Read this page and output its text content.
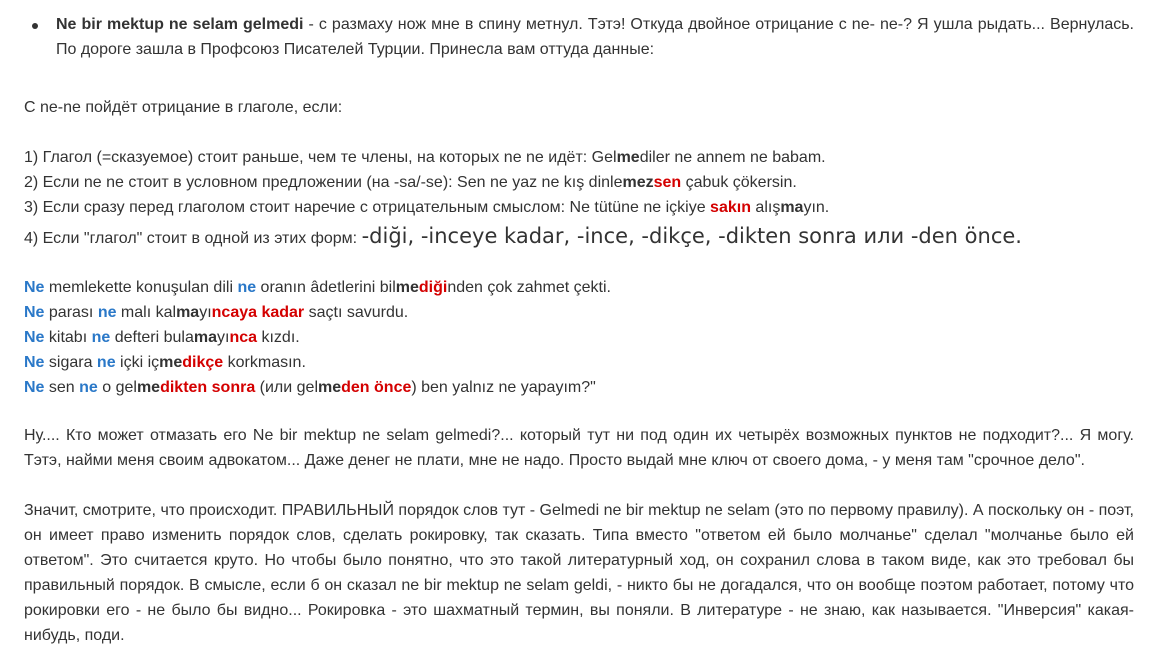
Ne bir mektup ne selam gelmedi - с размаху нож мне в спину метнул. Тэтэ! Откуда двойное отрицание с ne- ne-? Я ушла рыдать... Вернулась. По дороге зашла в Профсоюз Писателей Турции. Принесла вам оттуда данные:
С ne-ne пойдёт отрицание в глаголе, если:
1) Глагол (=сказуемое) стоит раньше, чем те члены, на которых ne ne идёт: Gelmediler ne annem ne babam.
2) Если ne ne стоит в условном предложении (на -sa/-se): Sen ne yaz ne kış dinlemezsen çabuk çökersin.
3) Если сразу перед глаголом стоит наречие с отрицательным смыслом: Ne tütüne ne içkiye sakın alışmayın.
4) Если "глагол" стоит в одной из этих форм: -diği, -inceye kadar, -ince, -dikçe, -dikten sonra или -den önce.
Ne memlekette konuşulan dili ne oranın âdetlerini bilmediğinden çok zahmet çekti.
Ne parası ne malı kalmayıncaya kadar saçtı savurdu.
Ne kitabı ne defteri bulamayınca kızdı.
Ne sigara ne içki içmedikçe korkmasın.
Ne sen ne o gelmedikten sonra (или gelmeden önce) ben yalnız ne yapayım?"
Ну.... Кто может отмазать его Ne bir mektup ne selam gelmedi?... который тут ни под один их четырёх возможных пунктов не подходит?... Я могу. Тэтэ, найми меня своим адвокатом... Даже денег не плати, мне не надо. Просто выдай мне ключ от своего дома, - у меня там "срочное дело".
Значит, смотрите, что происходит. ПРАВИЛЬНЫЙ порядок слов тут - Gelmedi ne bir mektup ne selam (это по первому правилу). А поскольку он - поэт, он имеет право изменить порядок слов, сделать рокировку, так сказать. Типа вместо "ответом ей было молчанье" сделал "молчанье было ей ответом". Это считается круто. Но чтобы было понятно, что это такой литературный ход, он сохранил слова в таком виде, как это требовал бы правильный порядок. В смысле, если б он сказал ne bir mektup ne selam geldi, - никто бы не догадался, что он вообще поэтом работает, потому что рокировки его - не было бы видно... Рокировка - это шахматный термин, вы поняли. В литературе - не знаю, как называется. "Инверсия" какая-нибудь, поди.
